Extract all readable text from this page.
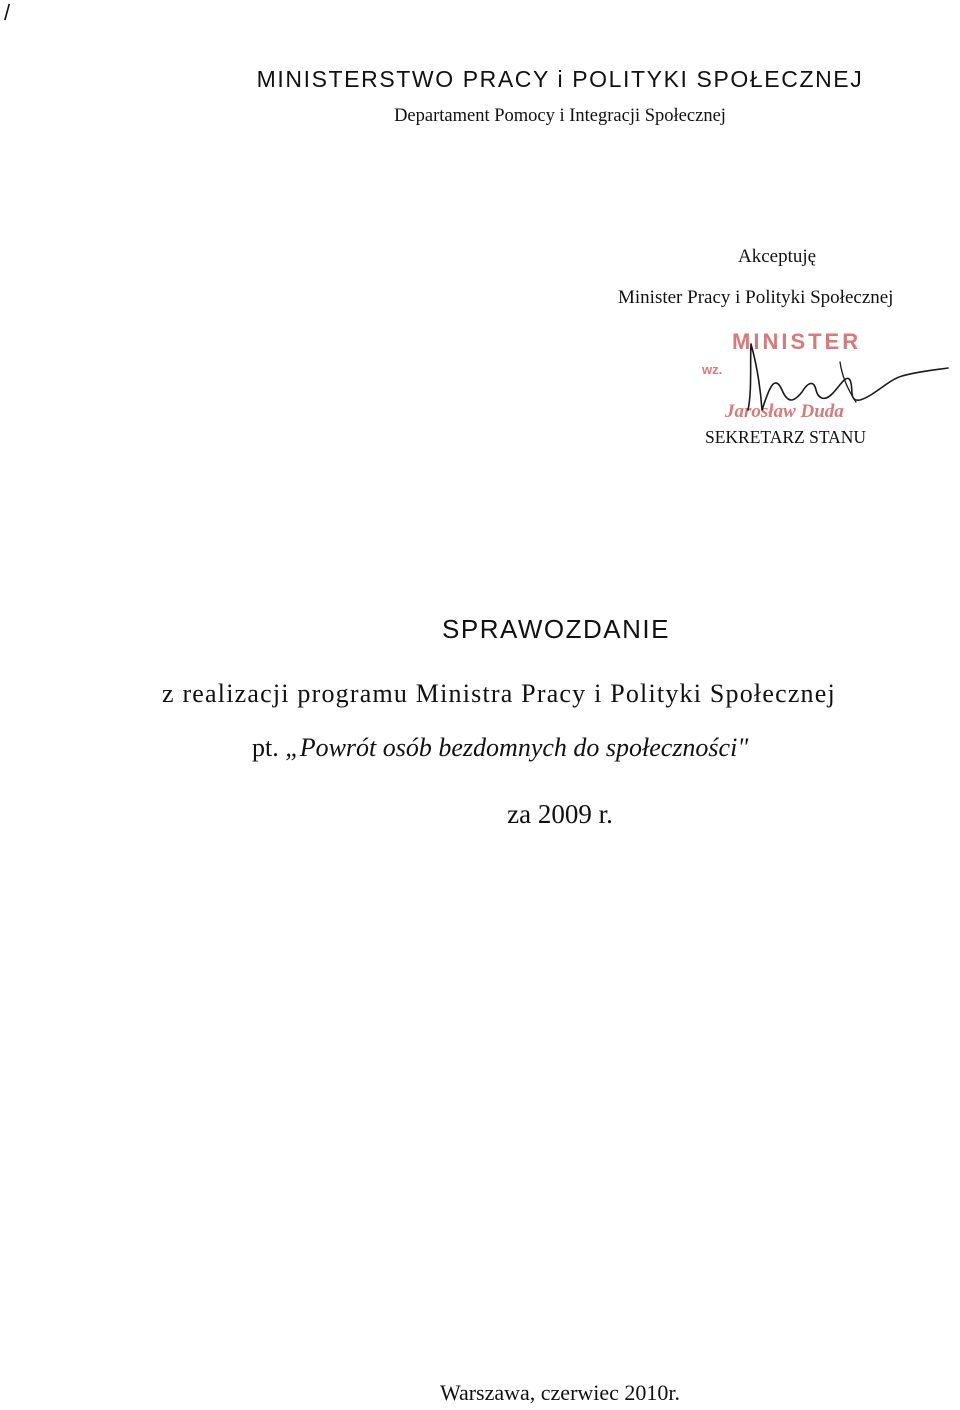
/
MINISTERSTWO PRACY i POLITYKI SPOŁECZNEJ
Departament Pomocy i Integracji Społecznej
Akceptuję
Minister Pracy i Polityki Społecznej
MINISTER
wz.
Jarosław Duda
SEKRETARZ STANU
SPRAWOZDANIE
z realizacji programu Ministra Pracy i Polityki Społecznej
pt. „Powrót osób bezdomnych do społeczności"
za 2009 r.
Warszawa, czerwiec 2010r.
